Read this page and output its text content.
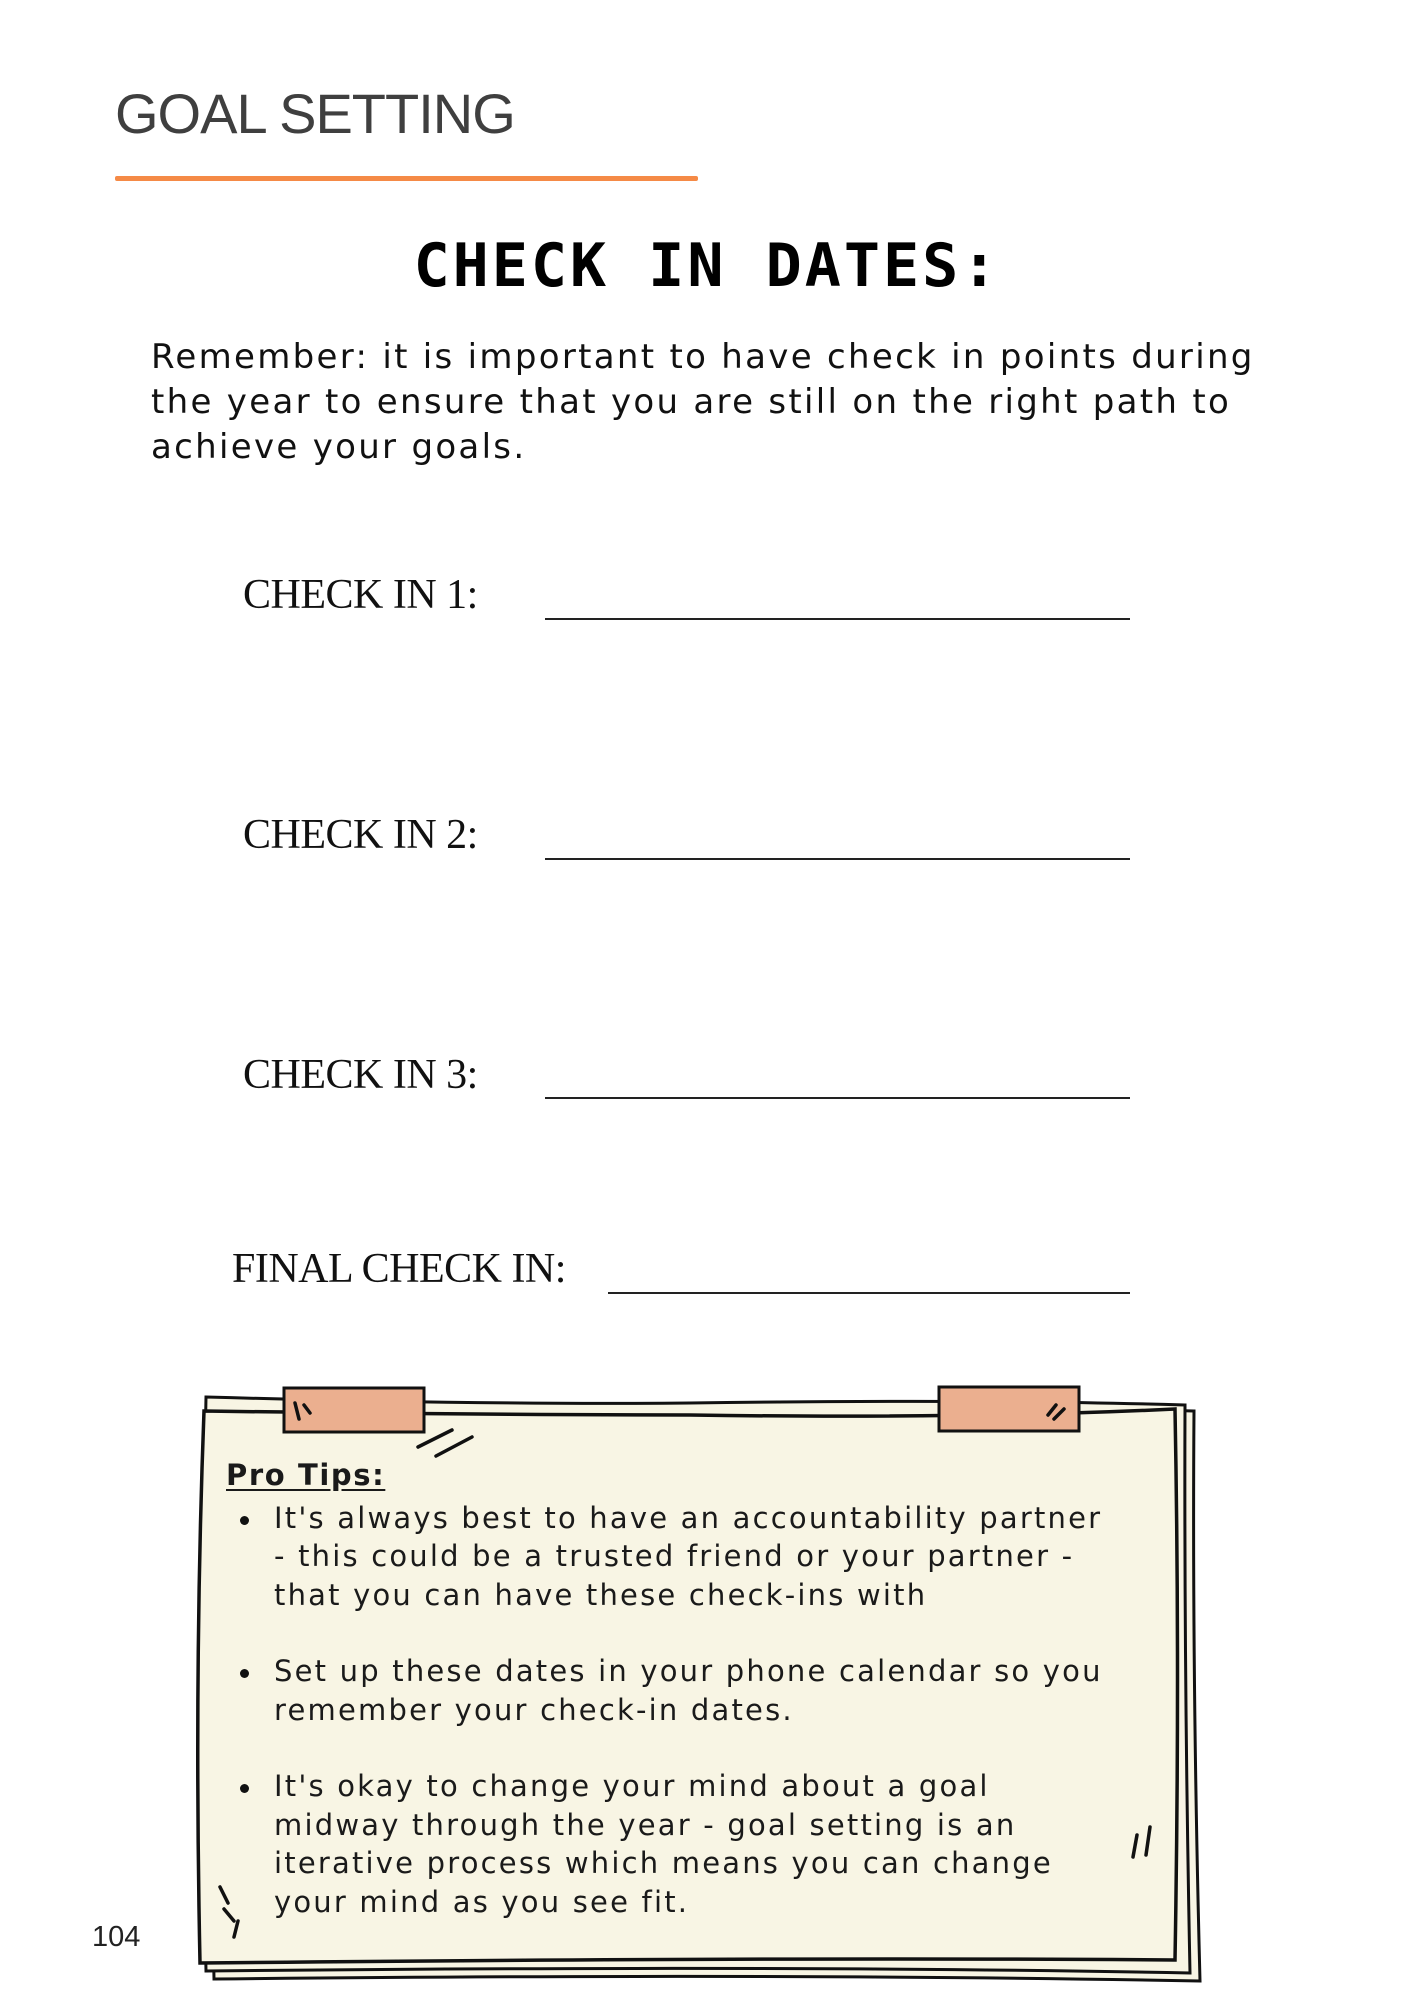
GOAL SETTING
CHECK IN DATES:

Remember: it is important to have check in points during the year to ensure that you are still on the right path to achieve your goals.

CHECK IN 1:
CHECK IN 2:
CHECK IN 3:
FINAL CHECK IN:

Pro Tips:

It's always best to have an accountability partner - this could be a trusted friend or your partner - that you can have these check-ins with
Set up these dates in your phone calendar so you remember your check-in dates.
It's okay to change your mind about a goal midway through the year - goal setting is an iterative process which means you can change your mind as you see fit.
104
